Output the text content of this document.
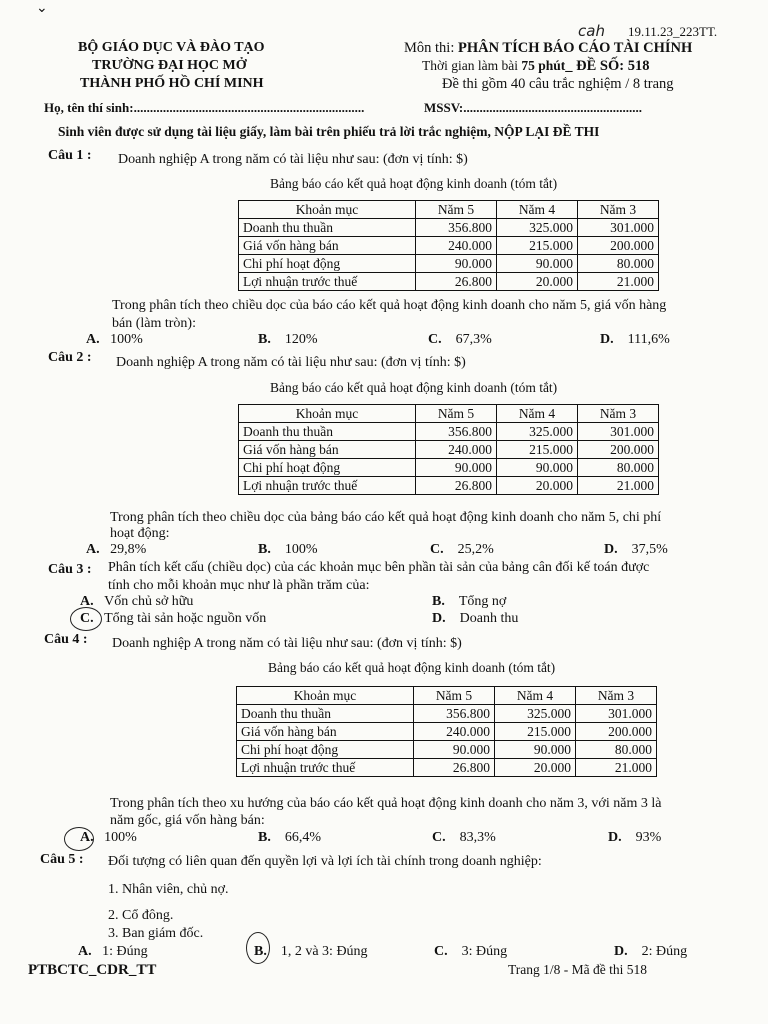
⌄
cah 19.11.23_223TT.
BỘ GIÁO DỤC VÀ ĐÀO TẠO
TRƯỜNG ĐẠI HỌC MỞ
THÀNH PHỐ HỒ CHÍ MINH
Môn thi: PHÂN TÍCH BÁO CÁO TÀI CHÍNH
Thời gian làm bài 75 phút_ ĐỀ SỐ: 518
Đề thi gồm 40 câu trắc nghiệm / 8 trang
Họ, tên thí sinh:.......................................................................	MSSV:.......................................................
Sinh viên được sử dụng tài liệu giấy, làm bài trên phiếu trả lời trắc nghiệm, NỘP LẠI ĐỀ THI
Câu 1 : Doanh nghiệp A trong năm có tài liệu như sau: (đơn vị tính: $)
Bảng báo cáo kết quả hoạt động kinh doanh (tóm tắt)
Khoản mục	Năm 5	Năm 4	Năm 3
Doanh thu thuần	356.800	325.000	301.000
Giá vốn hàng bán	240.000	215.000	200.000
Chi phí hoạt động	90.000	90.000	80.000
Lợi nhuận trước thuế	26.800	20.000	21.000
Trong phân tích theo chiều dọc của báo cáo kết quả hoạt động kinh doanh cho năm 5, giá vốn hàng
bán (làm tròn):
A. 100%	B. 120%	C. 67,3%	D. 111,6%
Câu 2 : Doanh nghiệp A trong năm có tài liệu như sau: (đơn vị tính: $)
Bảng báo cáo kết quả hoạt động kinh doanh (tóm tắt)
Khoản mục	Năm 5	Năm 4	Năm 3
Doanh thu thuần	356.800	325.000	301.000
Giá vốn hàng bán	240.000	215.000	200.000
Chi phí hoạt động	90.000	90.000	80.000
Lợi nhuận trước thuế	26.800	20.000	21.000
Trong phân tích theo chiều dọc của bảng báo cáo kết quả hoạt động kinh doanh cho năm 5, chi phí
hoạt động:
A. 29,8%	B. 100%	C. 25,2%	D. 37,5%
Câu 3 : Phân tích kết cấu (chiều dọc) của các khoản mục bên phần tài sản của bảng cân đối kế toán được
tính cho mỗi khoản mục như là phần trăm của:
A. Vốn chủ sở hữu	B. Tổng nợ
C. Tổng tài sản hoặc nguồn vốn	D. Doanh thu
Câu 4 : Doanh nghiệp A trong năm có tài liệu như sau: (đơn vị tính: $)
Bảng báo cáo kết quả hoạt động kinh doanh (tóm tắt)
Khoản mục	Năm 5	Năm 4	Năm 3
Doanh thu thuần	356.800	325.000	301.000
Giá vốn hàng bán	240.000	215.000	200.000
Chi phí hoạt động	90.000	90.000	80.000
Lợi nhuận trước thuế	26.800	20.000	21.000
Trong phân tích theo xu hướng của báo cáo kết quả hoạt động kinh doanh cho năm 3, với năm 3 là
năm gốc, giá vốn hàng bán:
A. 100%	B. 66,4%	C. 83,3%	D. 93%
Câu 5 : Đối tượng có liên quan đến quyền lợi và lợi ích tài chính trong doanh nghiệp:
1. Nhân viên, chủ nợ.
2. Cổ đông.
3. Ban giám đốc.
A. 1: Đúng	B. 1, 2 và 3: Đúng	C. 3: Đúng	D. 2: Đúng
PTBCTC_CDR_TT	Trang 1/8 - Mã đề thi 518
